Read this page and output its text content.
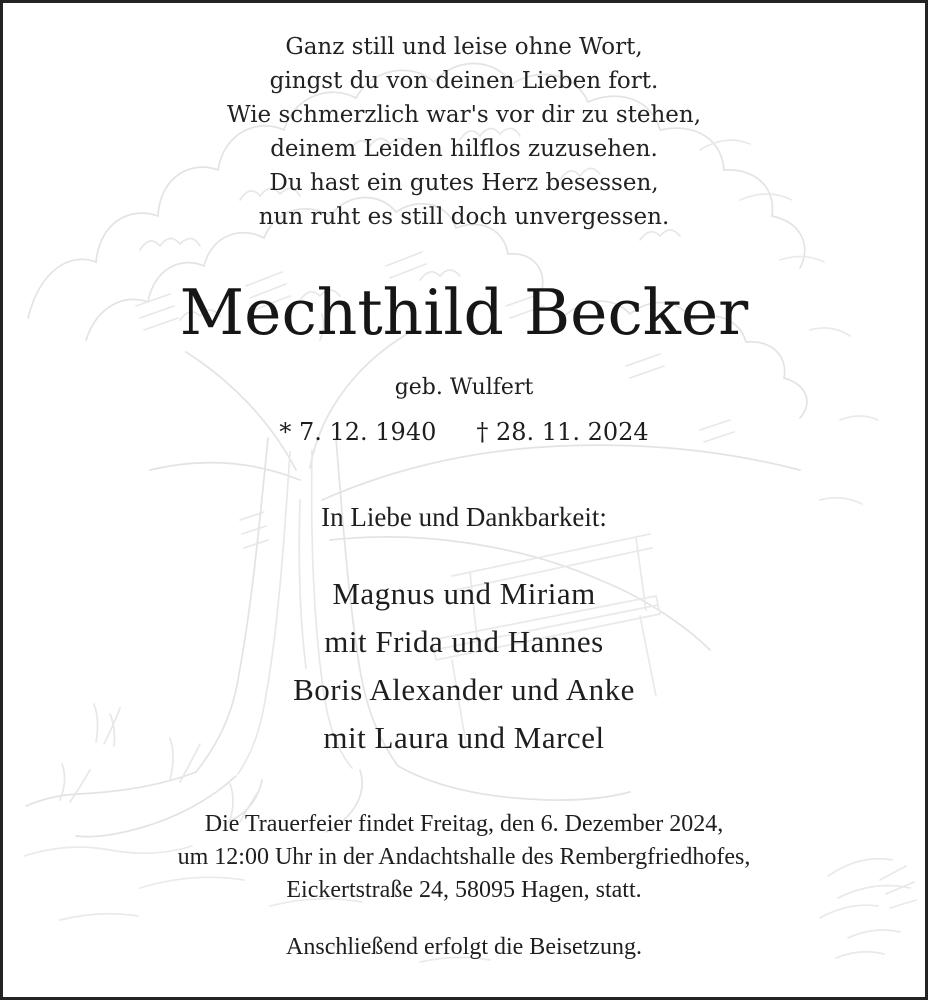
Ganz still und leise ohne Wort,
gingst du von deinen Lieben fort.
Wie schmerzlich war's vor dir zu stehen,
deinem Leiden hilflos zuzusehen.
Du hast ein gutes Herz besessen,
nun ruht es still doch unvergessen.
Mechthild Becker
geb. Wulfert
* 7. 12. 1940 † 28. 11. 2024
In Liebe und Dankbarkeit:
Magnus und Miriam
mit Frida und Hannes
Boris Alexander und Anke
mit Laura und Marcel
Die Trauerfeier findet Freitag, den 6. Dezember 2024,
um 12:00 Uhr in der Andachtshalle des Rembergfriedhofes,
Eickertstraße 24, 58095 Hagen, statt.
Anschließend erfolgt die Beisetzung.
